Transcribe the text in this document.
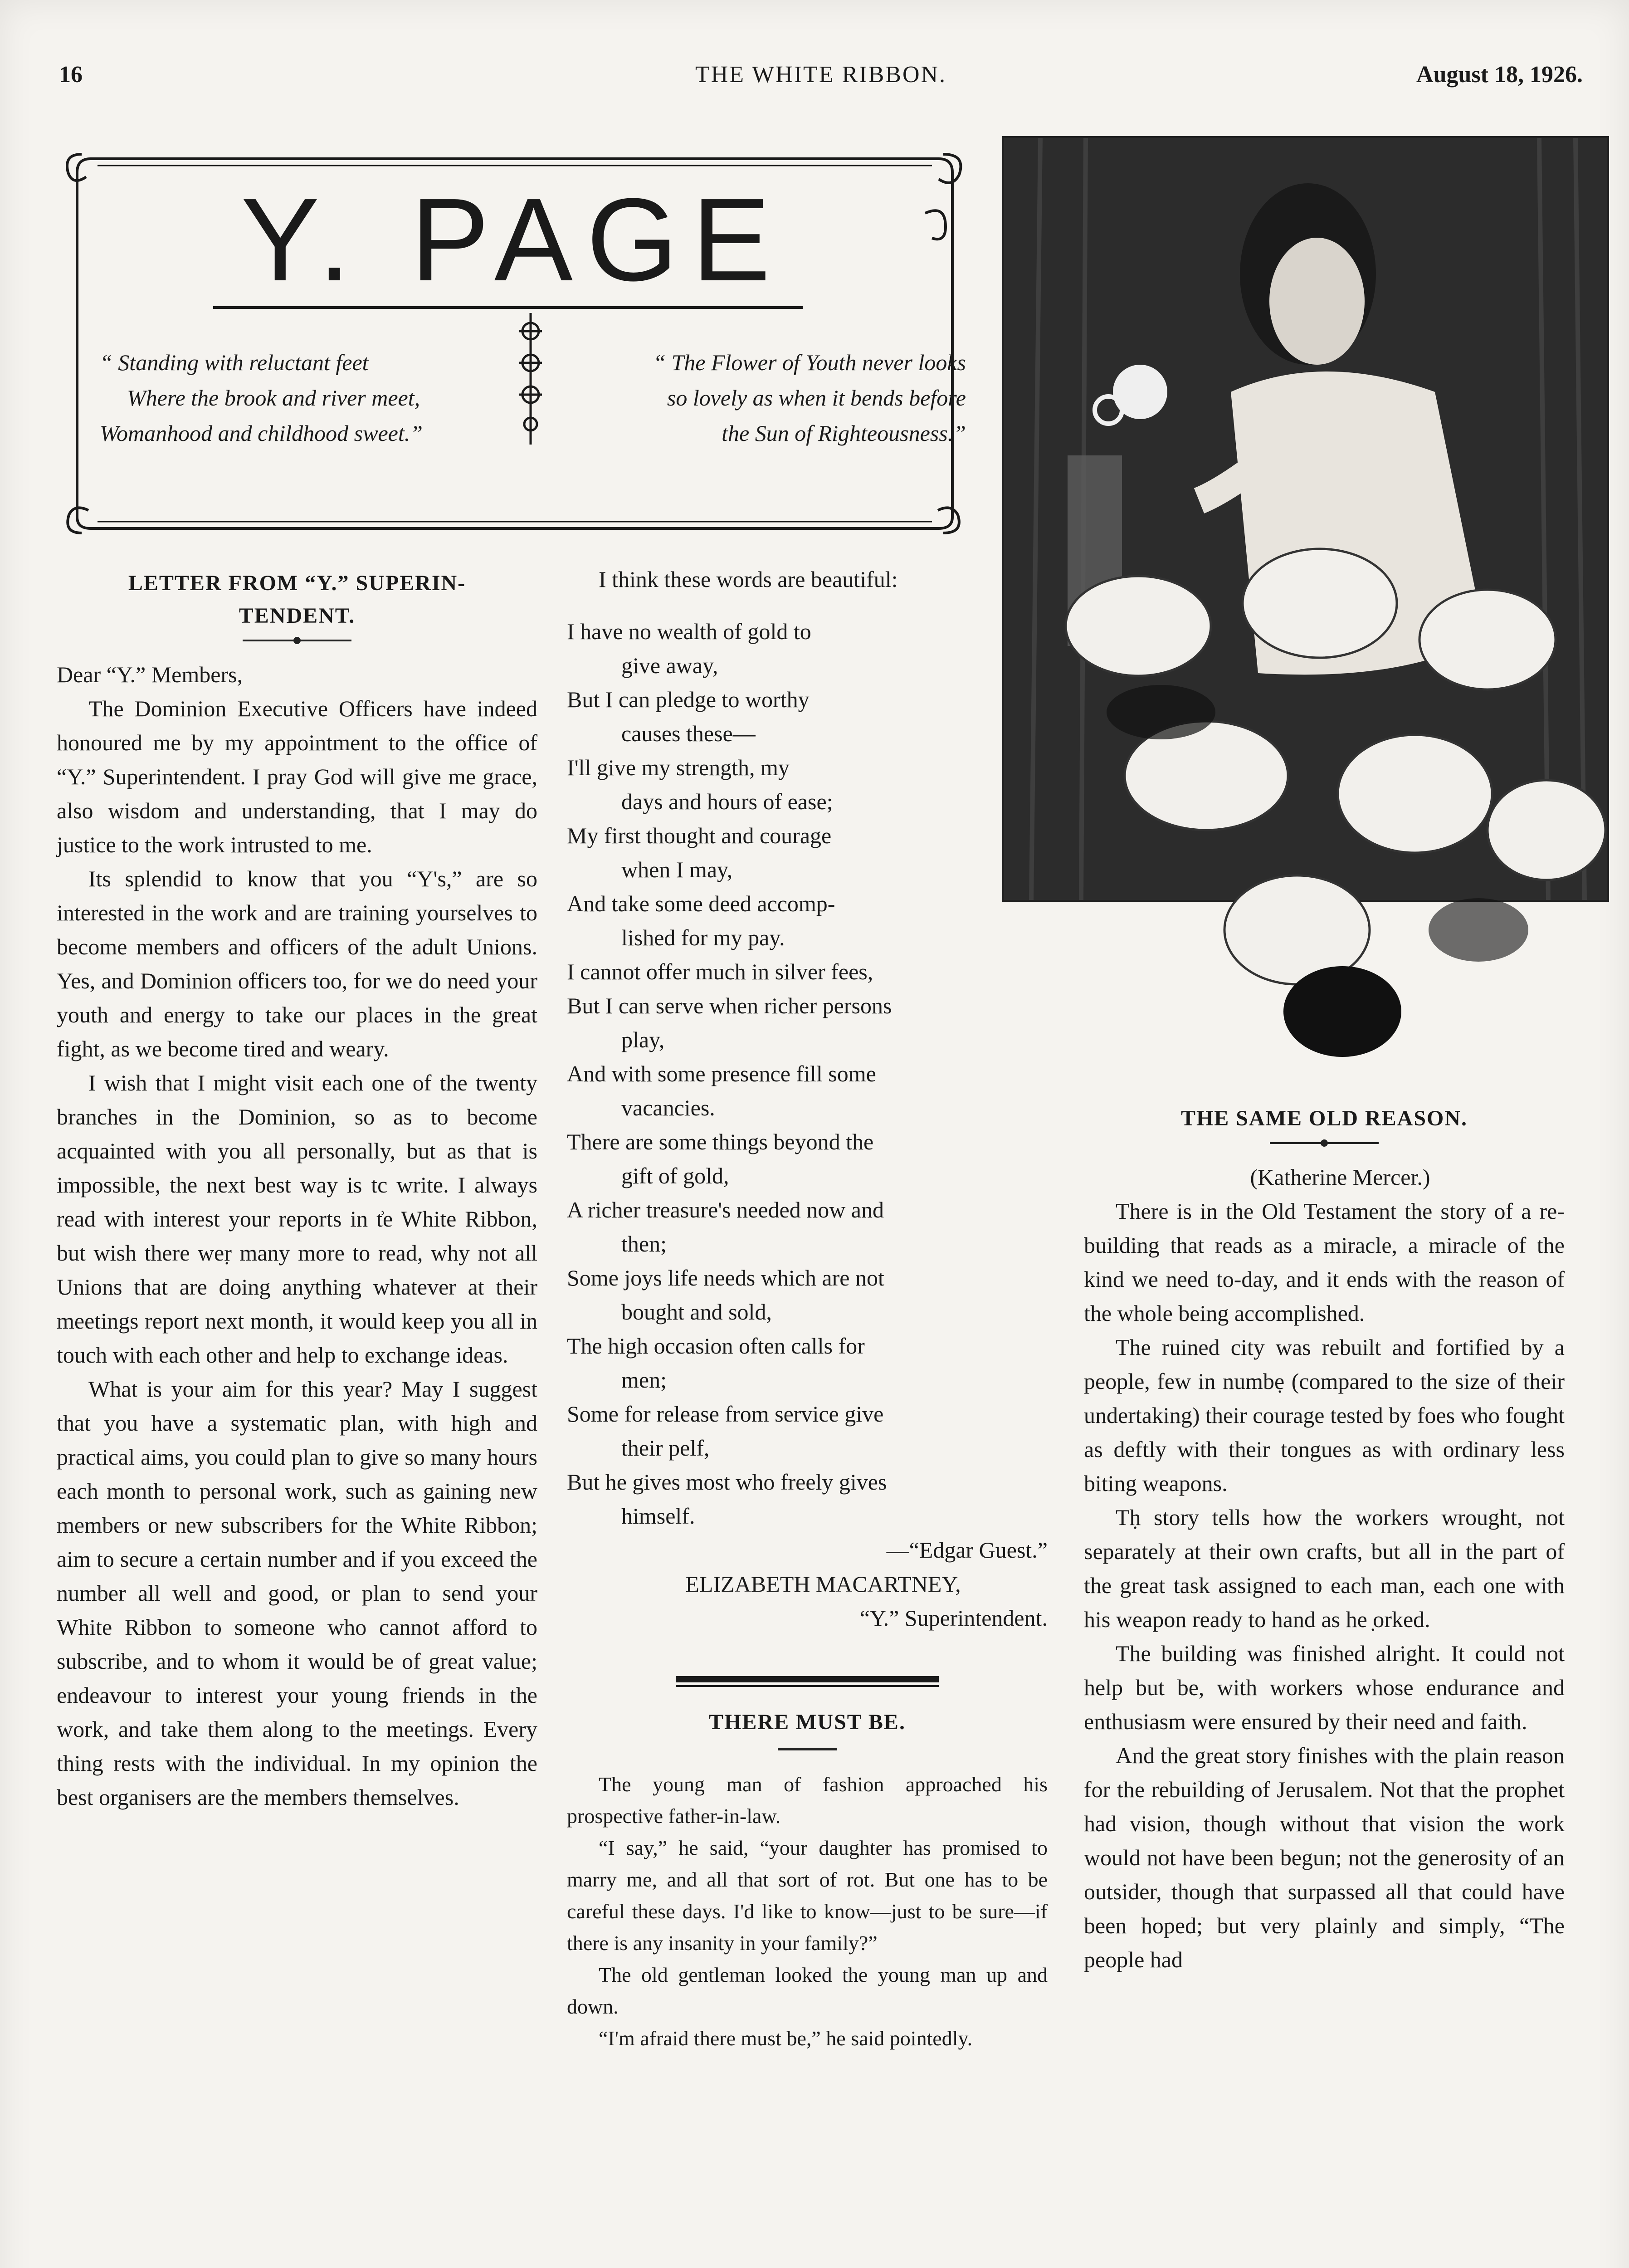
16	THE WHITE RIBBON.	August 18, 1926.
Y. PAGE
“ Standing with reluctant feet
Where the brook and river meet,
Womanhood and childhood sweet.”
“ The Flower of Youth never looks
so lovely as when it bends before
the Sun of Righteousness.”
LETTER FROM “Y.” SUPERIN-
TENDENT.

Dear “Y.” Members,

The Dominion Executive Officers have indeed honoured me by my appointment to the office of “Y.” Superintendent. I pray God will give me grace, also wisdom and understanding, that I may do justice to the work intrusted to me.

Its splendid to know that you “Y's,” are so interested in the work and are training yourselves to become members and officers of the adult Unions. Yes, and Dominion officers too, for we do need your youth and energy to take our places in the great fight, as we become tired and weary.

I wish that I might visit each one of the twenty branches in the Dominion, so as to become acquainted with you all personally, but as that is impossible, the next best way is tc write. I always read with interest your reports in t͗e White Ribbon, but wish there weṛ many more to read, why not all Unions that are doing anything whatever at their meetings report next month, it would keep you all in touch with each other and help to exchange ideas.

What is your aim for this year? May I suggest that you have a systematic plan, with high and practical aims, you could plan to give so many hours each month to personal work, such as gaining new members or new subscribers for the White Ribbon; aim to secure a certain number and if you exceed the number all well and good, or plan to send your White Ribbon to someone who cannot afford to subscribe, and to whom it would be of great value; endeavour to interest your young friends in the work, and take them along to the meetings. Every thing rests with the individual. In my opinion the best organisers are the members themselves.

I think these words are beautiful:

I have no wealth of gold to
give away,
But I can pledge to worthy
causes these—
I'll give my strength, my
days and hours of ease;
My first thought and courage
when I may,
And take some deed accomp-
lished for my pay.
I cannot offer much in silver fees,
But I can serve when richer persons
play,
And with some presence fill some
vacancies.
There are some things beyond the
gift of gold,
A richer treasure's needed now and
then;
Some joys life needs which are not
bought and sold,
The high occasion often calls for
men;
Some for release from service give
their pelf,
But he gives most who freely gives
himself.

—“Edgar Guest.”

ELIZABETH MACARTNEY,

“Y.” Superintendent.

THERE MUST BE.

The young man of fashion approached his prospective father-in-law.

“I say,” he said, “your daughter has promised to marry me, and all that sort of rot. But one has to be careful these days. I'd like to know—just to be sure—if there is any insanity in your family?”

The old gentleman looked the young man up and down.

“I'm afraid there must be,” he said pointedly.

THE SAME OLD REASON.

(Katherine Mercer.)

There is in the Old Testament the story of a re-building that reads as a miracle, a miracle of the kind we need to-day, and it ends with the reason of the whole being accomplished.

The ruined city was rebuilt and fortified by a people, few in numbẹ (compared to the size of their undertaking) their courage tested by foes who fought as deftly with their tongues as with ordinary less biting weapons.

Tḥ story tells how the workers wrought, not separately at their own crafts, but all in the part of the great task assigned to each man, each one with his weapon ready to hand as he ̣orked.

The building was finished alright. It could not help but be, with workers whose endurance and enthusiasm were ensured by their need and faith.

And the great story finishes with the plain reason for the rebuilding of Jerusalem. Not that the prophet had vision, though without that vision the work would not have been begun; not the generosity of an outsider, though that surpassed all that could have been hoped; but very plainly and simply, “The people had
